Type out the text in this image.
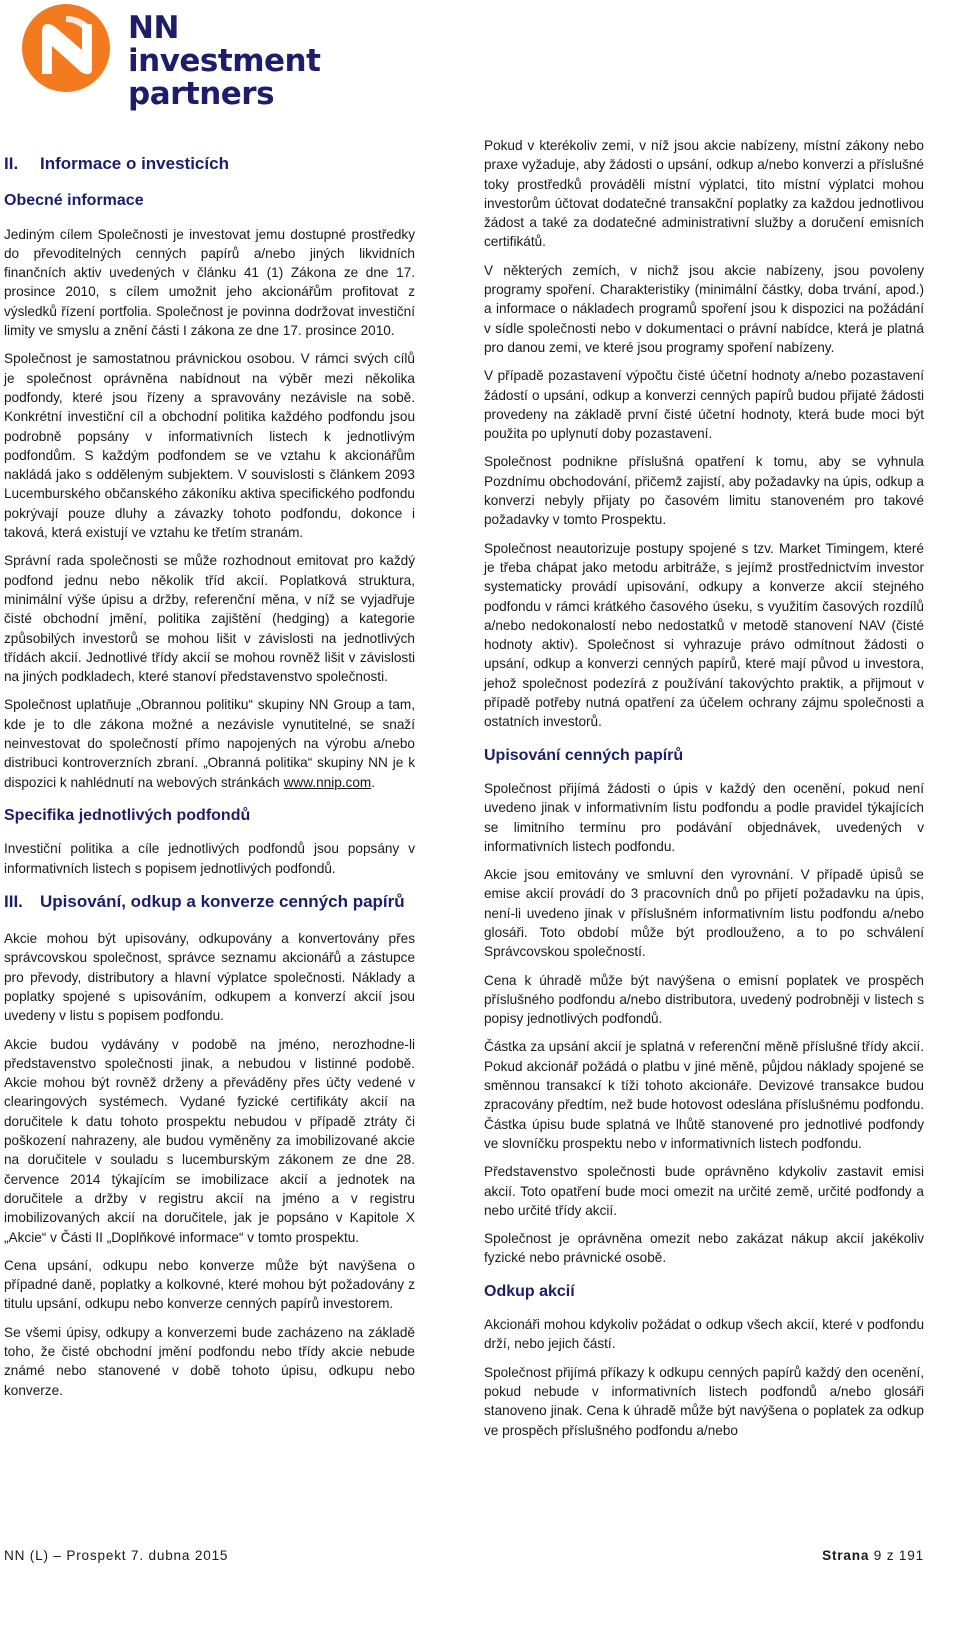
NN investment
partners
II. Informace o investicích
Obecné informace

Jediným cílem Společnosti je investovat jemu dostupné prostředky do převoditelných cenných papírů a/nebo jiných likvidních finančních aktiv uvedených v článku 41 (1) Zákona ze dne 17. prosince 2010, s cílem umožnit jeho akcionářům profitovat z výsledků řízení portfolia. Společnost je povinna dodržovat investiční limity ve smyslu a znění části I zákona ze dne 17. prosince 2010.

Společnost je samostatnou právnickou osobou. V rámci svých cílů je společnost oprávněna nabídnout na výběr mezi několika podfondy, které jsou řízeny a spravovány nezávisle na sobě. Konkrétní investiční cíl a obchodní politika každého podfondu jsou podrobně popsány v informativních listech k jednotlivým podfondům. S každým podfondem se ve vztahu k akcionářům nakládá jako s odděleným subjektem. V souvislosti s článkem 2093 Lucemburského občanského zákoníku aktiva specifického podfondu pokrývají pouze dluhy a závazky tohoto podfondu, dokonce i taková, která existují ve vztahu ke třetím stranám.

Správní rada společnosti se může rozhodnout emitovat pro každý podfond jednu nebo několik tříd akcií. Poplatková struktura, minimální výše úpisu a držby, referenční měna, v níž se vyjadřuje čisté obchodní jmění, politika zajištění (hedging) a kategorie způsobilých investorů se mohou lišit v závislosti na jednotlivých třídách akcií. Jednotlivé třídy akcií se mohou rovněž lišit v závislosti na jiných podkladech, které stanoví představenstvo společnosti.

Společnost uplatňuje „Obrannou politiku“ skupiny NN Group a tam, kde je to dle zákona možné a nezávisle vynutitelné, se snaží neinvestovat do společností přímo napojených na výrobu a/nebo distribuci kontroverzních zbraní. „Obranná politika“ skupiny NN je k dispozici k nahlédnutí na webových stránkách www.nnip.com.

Specifika jednotlivých podfondů

Investiční politika a cíle jednotlivých podfondů jsou popsány v informativních listech s popisem jednotlivých podfondů.

III. Upisování, odkup a konverze cenných papírů

Akcie mohou být upisovány, odkupovány a konvertovány přes správcovskou společnost, správce seznamu akcionářů a zástupce pro převody, distributory a hlavní výplatce společnosti. Náklady a poplatky spojené s upisováním, odkupem a konverzí akcií jsou uvedeny v listu s popisem podfondu.

Akcie budou vydávány v podobě na jméno, nerozhodne-li představenstvo společnosti jinak, a nebudou v listinné podobě. Akcie mohou být rovněž drženy a převáděny přes účty vedené v clearingových systémech. Vydané fyzické certifikáty akcií na doručitele k datu tohoto prospektu nebudou v případě ztráty či poškození nahrazeny, ale budou vyměněny za imobilizované akcie na doručitele v souladu s lucemburským zákonem ze dne 28. července 2014 týkajícím se imobilizace akcií a jednotek na doručitele a držby v registru akcií na jméno a v registru imobilizovaných akcií na doručitele, jak je popsáno v Kapitole X „Akcie“ v Části II „Doplňkové informace“ v tomto prospektu.

Cena upsání, odkupu nebo konverze může být navýšena o případné daně, poplatky a kolkovné, které mohou být požadovány z titulu upsání, odkupu nebo konverze cenných papírů investorem.

Se všemi úpisy, odkupy a konverzemi bude zacházeno na základě toho, že čisté obchodní jmění podfondu nebo třídy akcie nebude známé nebo stanovené v době tohoto úpisu, odkupu nebo konverze.

Pokud v kterékoliv zemi, v níž jsou akcie nabízeny, místní zákony nebo praxe vyžaduje, aby žádosti o upsání, odkup a/nebo konverzi a příslušné toky prostředků prováděli místní výplatci, tito místní výplatci mohou investorům účtovat dodatečné transakční poplatky za každou jednotlivou žádost a také za dodatečné administrativní služby a doručení emisních certifikátů.

V některých zemích, v nichž jsou akcie nabízeny, jsou povoleny programy spoření. Charakteristiky (minimální částky, doba trvání, apod.) a informace o nákladech programů spoření jsou k dispozici na požádání v sídle společnosti nebo v dokumentaci o právní nabídce, která je platná pro danou zemi, ve které jsou programy spoření nabízeny.

V případě pozastavení výpočtu čisté účetní hodnoty a/nebo pozastavení žádostí o upsání, odkup a konverzi cenných papírů budou přijaté žádosti provedeny na základě první čisté účetní hodnoty, která bude moci být použita po uplynutí doby pozastavení.

Společnost podnikne příslušná opatření k tomu, aby se vyhnula Pozdnímu obchodování, přičemž zajistí, aby požadavky na úpis, odkup a konverzi nebyly přijaty po časovém limitu stanoveném pro takové požadavky v tomto Prospektu.

Společnost neautorizuje postupy spojené s tzv. Market Timingem, které je třeba chápat jako metodu arbitráže, s jejímž prostřednictvím investor systematicky provádí upisování, odkupy a konverze akcií stejného podfondu v rámci krátkého časového úseku, s využitím časových rozdílů a/nebo nedokonalostí nebo nedostatků v metodě stanovení NAV (čisté hodnoty aktiv). Společnost si vyhrazuje právo odmítnout žádosti o upsání, odkup a konverzi cenných papírů, které mají původ u investora, jehož společnost podezírá z používání takovýchto praktik, a přijmout v případě potřeby nutná opatření za účelem ochrany zájmu společnosti a ostatních investorů.

Upisování cenných papírů

Společnost přijímá žádosti o úpis v každý den ocenění, pokud není uvedeno jinak v informativním listu podfondu a podle pravidel týkajících se limitního termínu pro podávání objednávek, uvedených v informativních listech podfondu.

Akcie jsou emitovány ve smluvní den vyrovnání. V případě úpisů se emise akcií provádí do 3 pracovních dnů po přijetí požadavku na úpis, není-li uvedeno jinak v příslušném informativním listu podfondu a/nebo glosáři. Toto období může být prodlouženo, a to po schválení Správcovskou společností.

Cena k úhradě může být navýšena o emisní poplatek ve prospěch příslušného podfondu a/nebo distributora, uvedený podrobněji v listech s popisy jednotlivých podfondů.

Částka za upsání akcií je splatná v referenční měně příslušné třídy akcií. Pokud akcionář požádá o platbu v jiné měně, půjdou náklady spojené se směnnou transakcí k tíži tohoto akcionáře. Devizové transakce budou zpracovány předtím, než bude hotovost odeslána příslušnému podfondu. Částka úpisu bude splatná ve lhůtě stanovené pro jednotlivé podfondy ve slovníčku prospektu nebo v informativních listech podfondu.

Představenstvo společnosti bude oprávněno kdykoliv zastavit emisi akcií. Toto opatření bude moci omezit na určité země, určité podfondy a nebo určité třídy akcií.

Společnost je oprávněna omezit nebo zakázat nákup akcií jakékoliv fyzické nebo právnické osobě.

Odkup akcií

Akcionáři mohou kdykoliv požádat o odkup všech akcií, které v podfondu drží, nebo jejich částí.

Společnost přijímá příkazy k odkupu cenných papírů každý den ocenění, pokud nebude v informativních listech podfondů a/nebo glosáři stanoveno jinak. Cena k úhradě může být navýšena o poplatek za odkup ve prospěch příslušného podfondu a/nebo

NN (L) – Prospekt 7. dubna 2015	Strana 9 z 191
